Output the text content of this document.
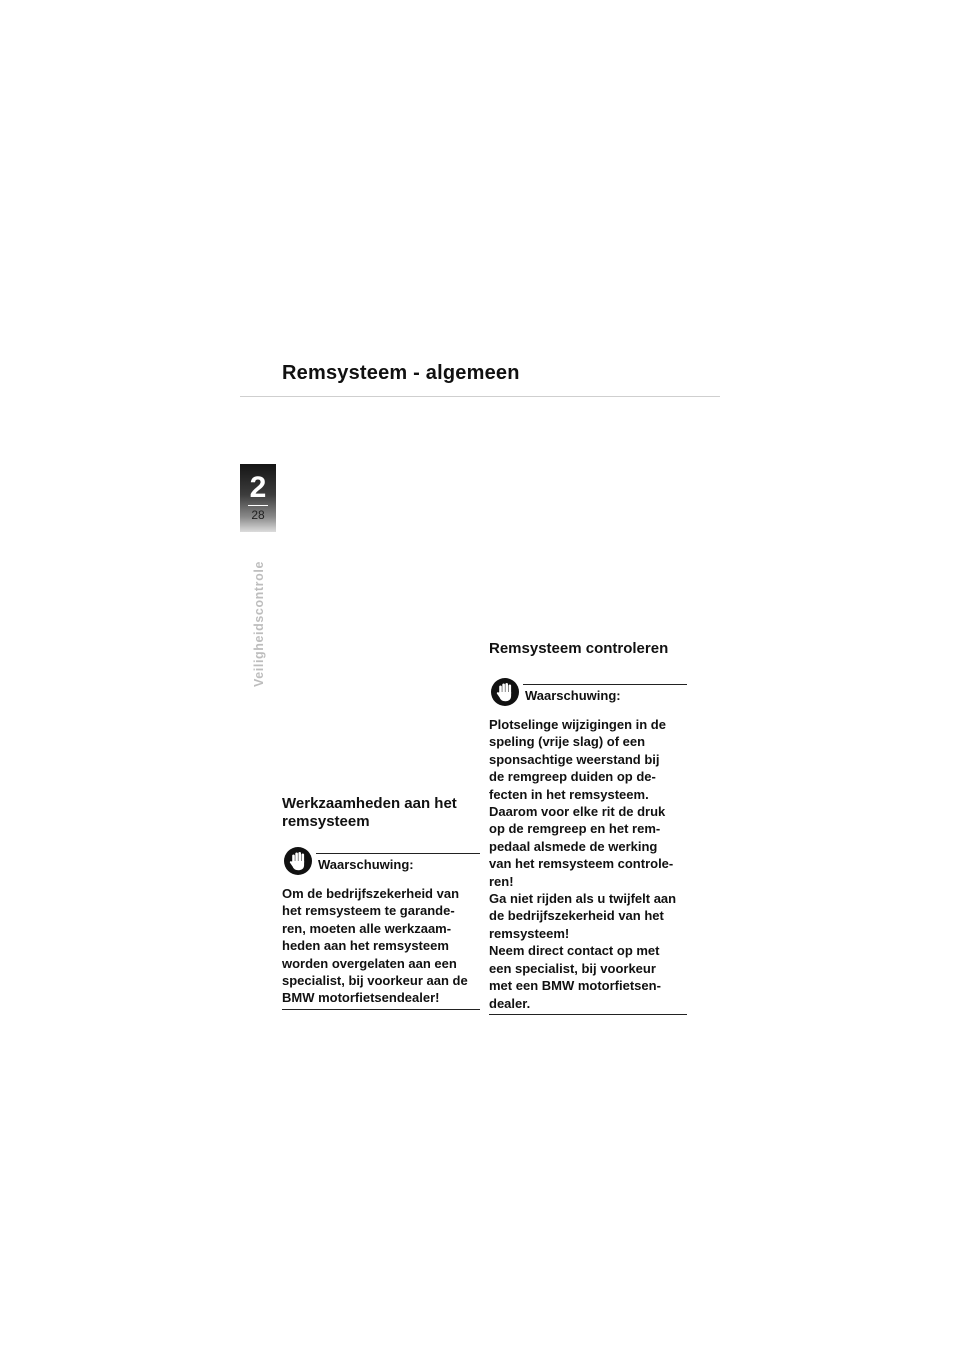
Remsysteem - algemeen
2
28
Veiligheidscontrole
Werkzaamheden aan het
remsysteem
Waarschuwing:

Om de bedrijfszekerheid van
het remsysteem te garande-
ren, moeten alle werkzaam-
heden aan het remsysteem
worden overgelaten aan een
specialist, bij voorkeur aan de
BMW motorfietsendealer!

Remsysteem controleren
Waarschuwing:

Plotselinge wijzigingen in de
speling (vrije slag) of een
sponsachtige weerstand bij
de remgreep duiden op de-
fecten in het remsysteem.
Daarom voor elke rit de druk
op de remgreep en het rem-
pedaal alsmede de werking
van het remsysteem controle-
ren!
Ga niet rijden als u twijfelt aan
de bedrijfszekerheid van het
remsysteem!
Neem direct contact op met
een specialist, bij voorkeur
met een BMW motorfietsen-
dealer.
